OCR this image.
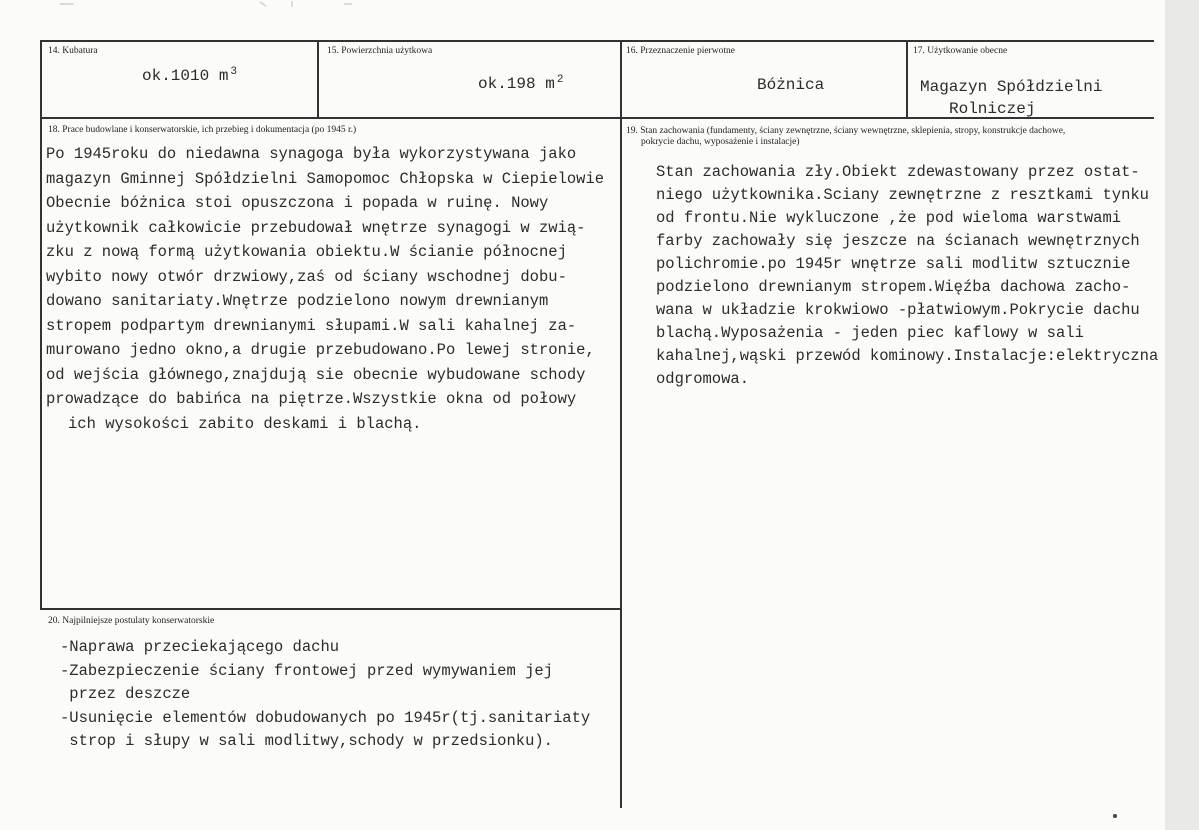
14. Kubatura
ok.1010 m $^3$
15. Powierzchnia użytkowa
ok.198 m $^2$
16. Przeznaczenie pierwotne
Bóżnica
17. Użytkowanie obecne
Magazyn Spółdzielni
Rolniczej
18. Prace budowlane i konserwatorskie, ich przebieg i dokumentacja (po 1945 r.)
Po 1945roku do niedawna synagoga była wykorzystywana jako
magazyn Gminnej Spółdzielni Samopomoc Chłopska w Ciepielowie
Obecnie bóżnica stoi opuszczona i popada w ruinę. Nowy
użytkownik całkowicie przebudował wnętrze synagogi w zwią-
zku z nową formą użytkowania obiektu.W ścianie północnej
wybito nowy otwór drzwiowy,zaś od ściany wschodnej dobu-
dowano sanitariaty.Wnętrze podzielono nowym drewnianym
stropem podpartym drewnianymi słupami.W sali kahalnej za-
murowano jedno okno,a drugie przebudowano.Po lewej stronie,
od wejścia głównego,znajdują sie obecnie wybudowane schody
prowadzące do babińca na piętrze.Wszystkie okna od połowy
ich wysokości zabito deskami i blachą.
19. Stan zachowania (fundamenty, ściany zewnętrzne, ściany wewnętrzne, sklepienia, stropy, konstrukcje dachowe,
pokrycie dachu, wyposażenie i instalacje)
Stan zachowania zły.Obiekt zdewastowany przez ostat-
niego użytkownika.Sciany zewnętrzne z resztkami tynku
od frontu.Nie wykluczone ,że pod wieloma warstwami
farby zachowały się jeszcze na ścianach wewnętrznych
polichromie.po 1945r wnętrze sali modlitw sztucznie
podzielono drewnianym stropem.Więźba dachowa zacho-
wana w układzie krokwiowo -płatwiowym.Pokrycie dachu
blachą.Wyposażenia - jeden piec kaflowy w sali
kahalnej,wąski przewód kominowy.Instalacje:elektryczna
odgromowa.
20. Najpilniejsze postulaty konserwatorskie
-Naprawa przeciekającego dachu
-Zabezpieczenie ściany frontowej przed wymywaniem jej
przez deszcze
-Usunięcie elementów dobudowanych po 1945r(tj.sanitariaty
strop i słupy w sali modlitwy,schody w przedsionku).
